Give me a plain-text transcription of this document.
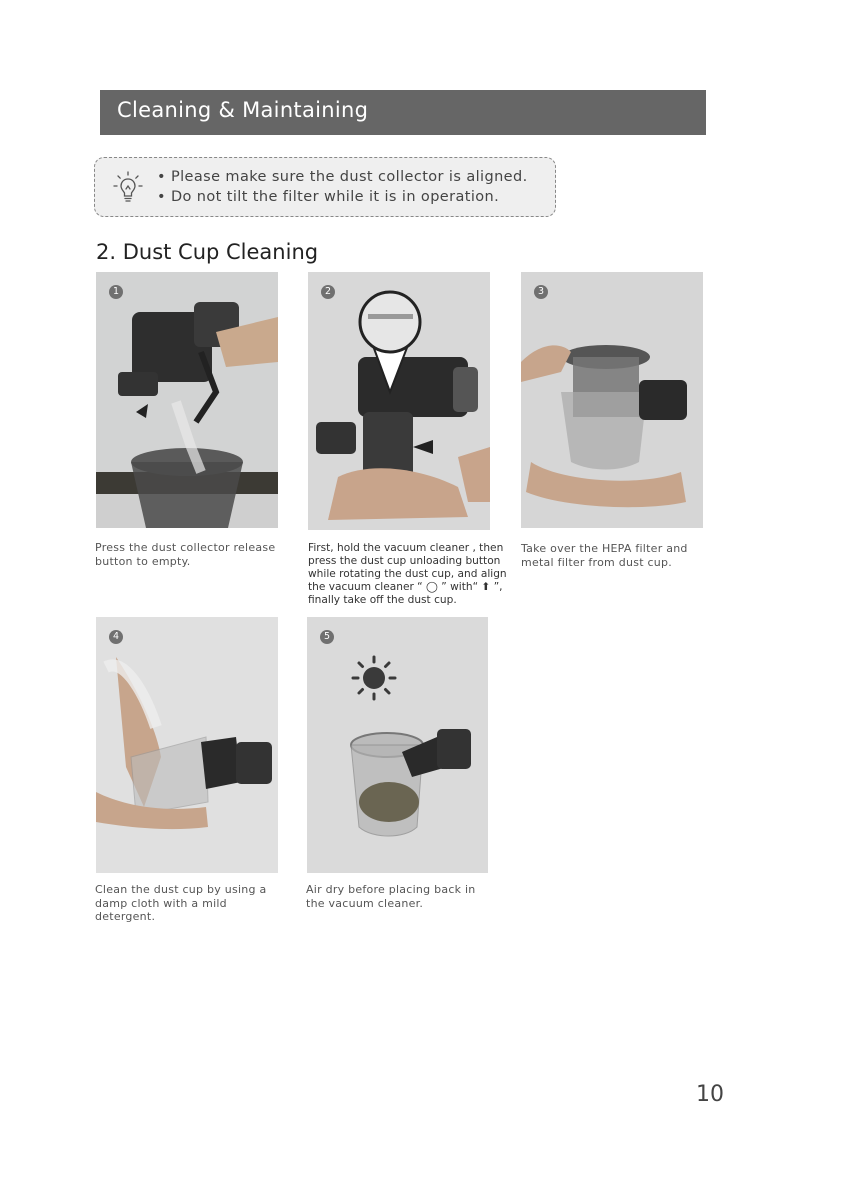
Cleaning & Maintaining
• Please make sure the dust collector is aligned.
• Do not tilt the filter while it is in operation.
2. Dust Cup Cleaning
1
Press the dust collector release
button to empty.
2
First, hold the vacuum cleaner , then
press the dust cup unloading button
while rotating the dust cup, and align
the vacuum cleaner “ ◯ ” with“ ⬆ ”,
finally take off the dust cup.
3
Take over the HEPA filter and
metal filter from dust cup.
4
Clean the dust cup by using a
damp cloth with a mild
detergent.
5
Air dry before placing back in
the vacuum cleaner.
10
